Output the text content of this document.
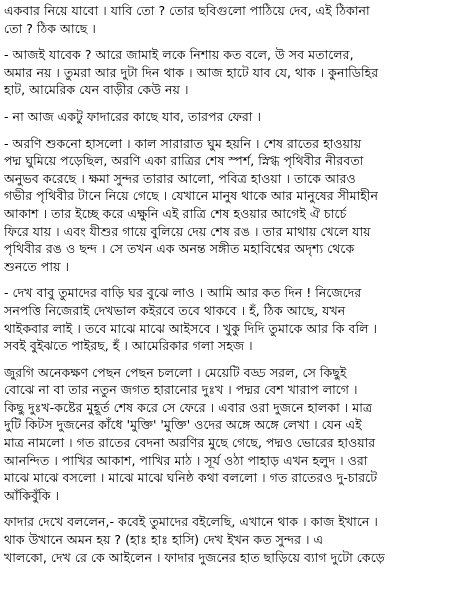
একবার নিয়ে যাবো । যাবি তো ? তোর ছবিগুলো পাঠিয়ে দেব, এই ঠিকানা
তো ? ঠিক আছে ।
- আজই যাবেক ? আরে জামাই লকে নিশায় কত বলে, উ সব মতালের,
অমার নয় । তুমরা আর দুটা দিন থাক । আজ হাটে যাব যে, থাক । কুনাডিহির
হাট, আমেরিক যেন বাড়ীর কেউ নয় ।
- না আজ একটু ফাদারের কাছে যাব, তারপর ফেরা ।
- অরণি শুকনো হাসলো । কাল সারারাত ঘুম হয়নি । শেষ রাতের হাওয়ায়
পদ্ম ঘুমিয়ে পড়েছিল, অরণি একা রাত্রির শেষ স্পর্শ, স্নিগ্ধ পৃথিবীর নীরবতা
অনুভব করেছে । ক্ষমা সুন্দর তারার আলো, পবিত্র হাওয়া । তাকে আরও
গভীর পৃথিবীর টানে নিয়ে গেছে । যেখানে মানুষ থাকে আর মানুষের সীমাহীন
আকাশ । তার ইচ্ছে করে এক্ষুনি এই রাত্রি শেষ হওয়ার আগেই ঐ চার্চে
ফিরে যায় । এবং যীশুর গায়ে বুলিয়ে দেয় শেষ রঙ । তার মাথায় খেলে যায়
পৃথিবীর রঙ ও ছন্দ । সে তখন এক অনন্ত সঙ্গীত মহাবিশ্বের অদৃশ্য থেকে
শুনতে পায় ।
- দেখ বাবু তুমাদের বাড়ি ঘর বুঝে লাও । আমি আর কত দিন ! নিজেদের
সনপত্তি নিজেরাই দেখভাল কইরবে তবে থাকবে । হঁ, ঠিক আছে, যখন
থাইকবার লাই । তবে মাঝে মাঝে আইসবে । খুকু দিদি তুমাকে আর কি বলি ।
সবই বুইঝতে পাইরছ, হঁ । আমেরিকার গলা সহজ ।
জুরগি অনেকক্ষণ পেছন পেছন চললো । মেয়েটি বড্ড সরল, সে কিছুই
বোঝে না বা তার নতুন জগত হারানোর দুঃখ । পদ্মর বেশ খারাপ লাগে ।
কিছু দুঃখ-কষ্টের মুহূর্ত শেষ করে সে ফেরে । এবার ওরা দুজনে হালকা । মাত্র
দুটি কিটস দুজনের কাঁধে 'মুক্তি' 'মুক্তি' ওদের অঙ্গে অঙ্গে লেখা । যেন এই
মাত্র নামলো । গত রাতের বেদনা অরণির মুছে গেছে, পদ্মও ভোরের হাওয়ার
আনন্দিত । পাখির আকাশ, পাখির মাঠ । সূর্য ওঠা পাহাড় এখন হলুদ । ওরা
মাঝে মাঝে বসলো । মাঝে মাঝে ঘনিষ্ঠ কথা বললো । গত রাতেরও দু-চারটে
আঁকিবুঁকি ।
ফাদার দেখে বললেন,- কবেই তুমাদের বইলেছি, এখানে থাক । কাজ ইখানে ।
থাক উখানে অমন হয় ? (হাঃ হাঃ হাসি) দেখ ইখন কত সুন্দর । এ
খালকো, দেখ রে কে আইলেন । ফাদার দুজনের হাত ছাড়িয়ে ব্যাগ দুটো কেড়ে
